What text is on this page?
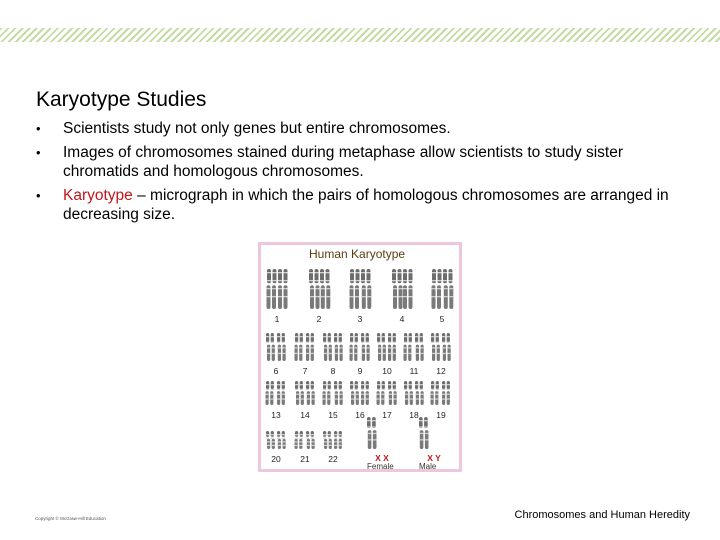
Karyotype Studies
• Scientists study not only genes but entire chromosomes.
• Images of chromosomes stained during metaphase allow scientists to study sister chromatids and homologous chromosomes.
• Karyotype – micrograph in which the pairs of homologous chromosomes are arranged in decreasing size.
Human Karyotype
1	2	3	4	5
6	7	8	9	10	11	12
13	14	15	16	17	18	19
20	21	22	X X
Female
X Y
Male
Copyright © McGraw-Hill Education	Chromosomes and Human Heredity
